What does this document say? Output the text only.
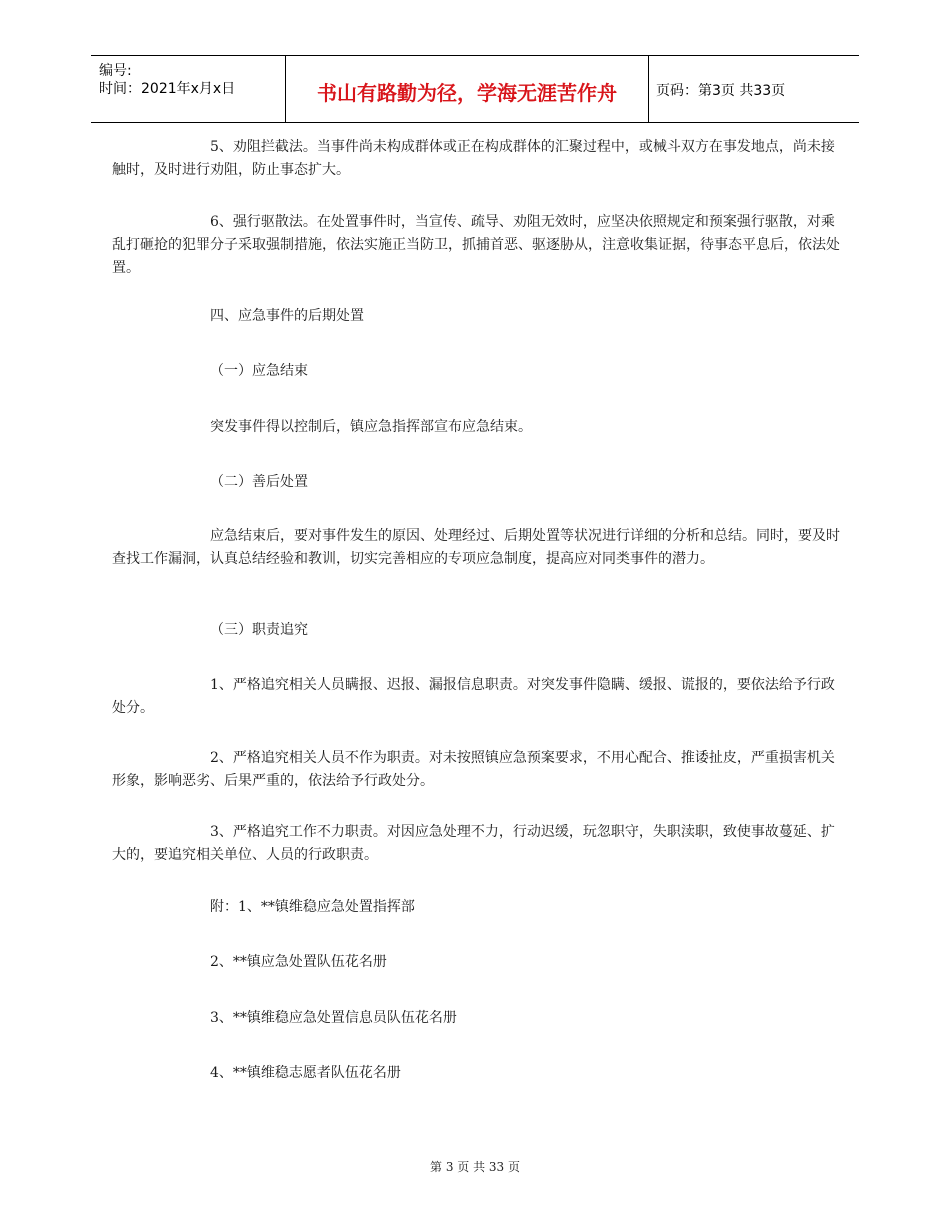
编号:
时间：2021年x月x日	书山有路勤为径，学海无涯苦作舟	页码：第3页 共33页

5、劝阻拦截法。当事件尚未构成群体或正在构成群体的汇聚过程中，或械斗双方在事发地点，尚未接触时，及时进行劝阻，防止事态扩大。

6、强行驱散法。在处置事件时，当宣传、疏导、劝阻无效时，应坚决依照规定和预案强行驱散，对乘乱打砸抢的犯罪分子采取强制措施，依法实施正当防卫，抓捕首恶、驱逐胁从，注意收集证据，待事态平息后，依法处置。

四、应急事件的后期处置
（一）应急结束
突发事件得以控制后，镇应急指挥部宣布应急结束。
（二）善后处置

应急结束后，要对事件发生的原因、处理经过、后期处置等状况进行详细的分析和总结。同时，要及时查找工作漏洞，认真总结经验和教训，切实完善相应的专项应急制度，提高应对同类事件的潜力。

（三）职责追究

1、严格追究相关人员瞒报、迟报、漏报信息职责。对突发事件隐瞒、缓报、谎报的，要依法给予行政处分。

2、严格追究相关人员不作为职责。对未按照镇应急预案要求，不用心配合、推诿扯皮，严重损害机关形象，影响恶劣、后果严重的，依法给予行政处分。

3、严格追究工作不力职责。对因应急处理不力，行动迟缓，玩忽职守，失职渎职，致使事故蔓延、扩大的，要追究相关单位、人员的行政职责。

附：1、**镇维稳应急处置指挥部
2、**镇应急处置队伍花名册
3、**镇维稳应急处置信息员队伍花名册
4、**镇维稳志愿者队伍花名册
第 3 页 共 33 页
